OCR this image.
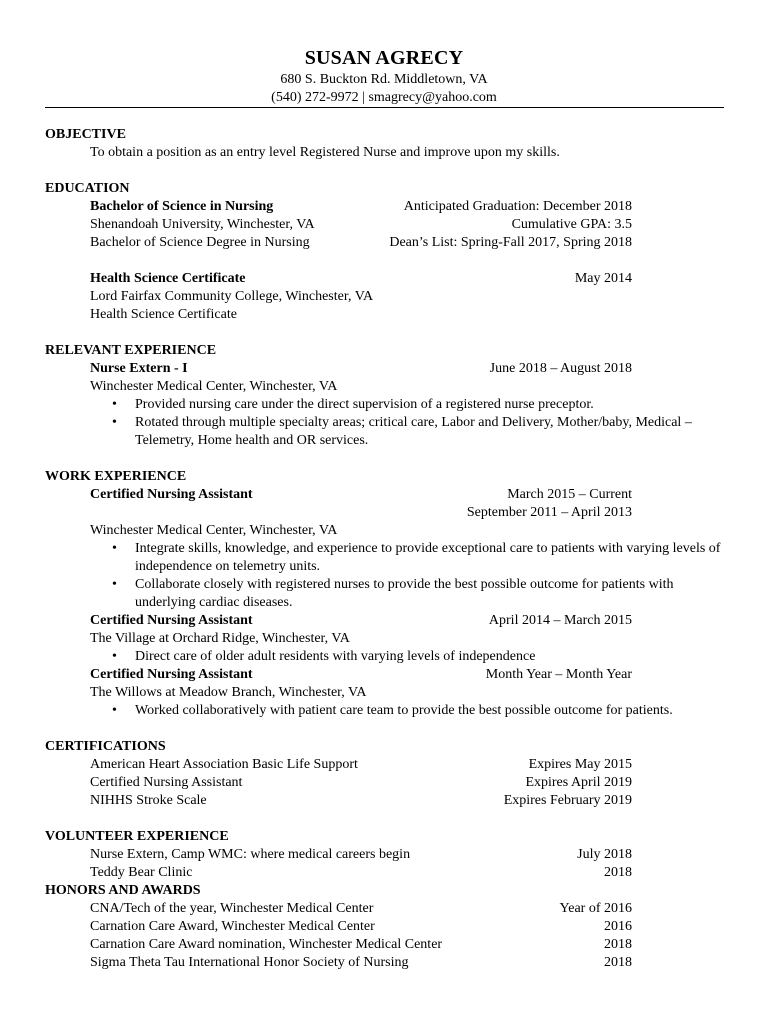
SUSAN AGRECY
680 S. Buckton Rd. Middletown, VA
(540) 272-9972 | smagrecy@yahoo.com
OBJECTIVE
To obtain a position as an entry level Registered Nurse and improve upon my skills.
EDUCATION
Bachelor of Science in Nursing	Anticipated Graduation: December 2018
Shenandoah University, Winchester, VA	Cumulative GPA: 3.5
Bachelor of Science Degree in Nursing	Dean’s List: Spring-Fall 2017, Spring 2018
Health Science Certificate	May 2014
Lord Fairfax Community College, Winchester, VA
Health Science Certificate
RELEVANT EXPERIENCE
Nurse Extern - I	June 2018 – August 2018
Winchester Medical Center, Winchester, VA
• Provided nursing care under the direct supervision of a registered nurse preceptor.
• Rotated through multiple specialty areas; critical care, Labor and Delivery, Mother/baby, Medical – Telemetry, Home health and OR services.
WORK EXPERIENCE
Certified Nursing Assistant	March 2015 – Current
September 2011 – April 2013
Winchester Medical Center, Winchester, VA
• Integrate skills, knowledge, and experience to provide exceptional care to patients with varying levels of independence on telemetry units.
• Collaborate closely with registered nurses to provide the best possible outcome for patients with underlying cardiac diseases.
Certified Nursing Assistant	April 2014 – March 2015
The Village at Orchard Ridge, Winchester, VA
• Direct care of older adult residents with varying levels of independence
Certified Nursing Assistant	Month Year – Month Year
The Willows at Meadow Branch, Winchester, VA
• Worked collaboratively with patient care team to provide the best possible outcome for patients.
CERTIFICATIONS
American Heart Association Basic Life Support	Expires May 2015
Certified Nursing Assistant	Expires April 2019
NIHHS Stroke Scale	Expires February 2019
VOLUNTEER EXPERIENCE
Nurse Extern, Camp WMC: where medical careers begin	July 2018
Teddy Bear Clinic	2018
HONORS AND AWARDS
CNA/Tech of the year, Winchester Medical Center	Year of 2016
Carnation Care Award, Winchester Medical Center	2016
Carnation Care Award nomination, Winchester Medical Center	2018
Sigma Theta Tau International Honor Society of Nursing	2018
